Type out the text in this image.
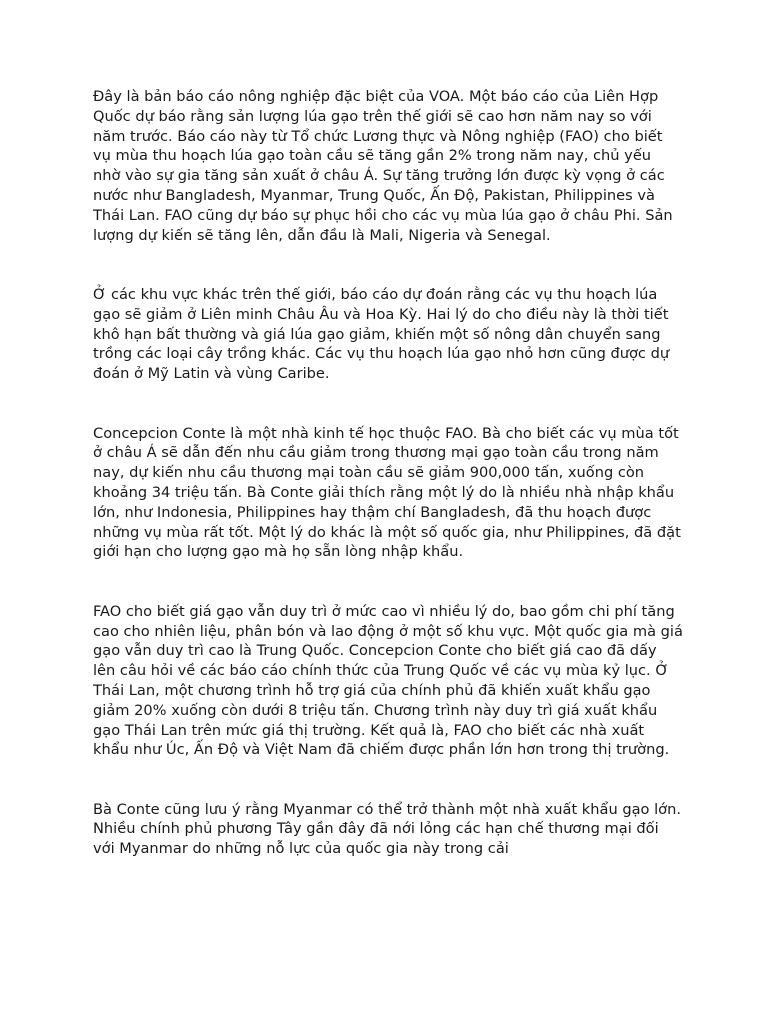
Đây là bản báo cáo nông nghiệp đặc biệt của VOA. Một báo cáo của Liên Hợp Quốc dự báo rằng sản lượng lúa gạo trên thế giới sẽ cao hơn năm nay so với năm trước. Báo cáo này từ Tổ chức Lương thực và Nông nghiệp (FAO) cho biết vụ mùa thu hoạch lúa gạo toàn cầu sẽ tăng gần 2% trong năm nay, chủ yếu nhờ vào sự gia tăng sản xuất ở châu Á. Sự tăng trưởng lớn được kỳ vọng ở các nước như Bangladesh, Myanmar, Trung Quốc, Ấn Độ, Pakistan, Philippines và Thái Lan. FAO cũng dự báo sự phục hồi cho các vụ mùa lúa gạo ở châu Phi. Sản lượng dự kiến sẽ tăng lên, dẫn đầu là Mali, Nigeria và Senegal.

Ở các khu vực khác trên thế giới, báo cáo dự đoán rằng các vụ thu hoạch lúa gạo sẽ giảm ở Liên minh Châu Âu và Hoa Kỳ. Hai lý do cho điều này là thời tiết khô hạn bất thường và giá lúa gạo giảm, khiến một số nông dân chuyển sang trồng các loại cây trồng khác. Các vụ thu hoạch lúa gạo nhỏ hơn cũng được dự đoán ở Mỹ Latin và vùng Caribe.

Concepcion Conte là một nhà kinh tế học thuộc FAO. Bà cho biết các vụ mùa tốt ở châu Á sẽ dẫn đến nhu cầu giảm trong thương mại gạo toàn cầu trong năm nay, dự kiến nhu cầu thương mại toàn cầu sẽ giảm 900,000 tấn, xuống còn khoảng 34 triệu tấn. Bà Conte giải thích rằng một lý do là nhiều nhà nhập khẩu lớn, như Indonesia, Philippines hay thậm chí Bangladesh, đã thu hoạch được những vụ mùa rất tốt. Một lý do khác là một số quốc gia, như Philippines, đã đặt giới hạn cho lượng gạo mà họ sẵn lòng nhập khẩu.

FAO cho biết giá gạo vẫn duy trì ở mức cao vì nhiều lý do, bao gồm chi phí tăng cao cho nhiên liệu, phân bón và lao động ở một số khu vực. Một quốc gia mà giá gạo vẫn duy trì cao là Trung Quốc. Concepcion Conte cho biết giá cao đã dấy lên câu hỏi về các báo cáo chính thức của Trung Quốc về các vụ mùa kỷ lục. Ở Thái Lan, một chương trình hỗ trợ giá của chính phủ đã khiến xuất khẩu gạo giảm 20% xuống còn dưới 8 triệu tấn. Chương trình này duy trì giá xuất khẩu gạo Thái Lan trên mức giá thị trường. Kết quả là, FAO cho biết các nhà xuất khẩu như Úc, Ấn Độ và Việt Nam đã chiếm được phần lớn hơn trong thị trường.

Bà Conte cũng lưu ý rằng Myanmar có thể trở thành một nhà xuất khẩu gạo lớn. Nhiều chính phủ phương Tây gần đây đã nới lỏng các hạn chế thương mại đối với Myanmar do những nỗ lực của quốc gia này trong cải
